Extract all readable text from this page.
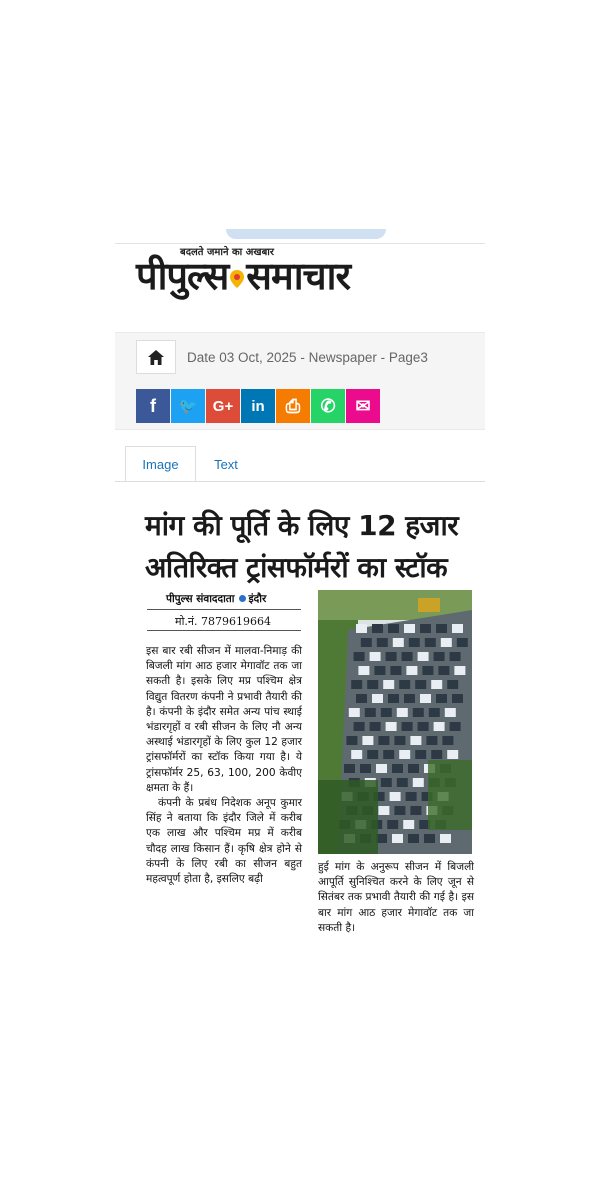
बदलते जमाने का अखबार
पीपुल्स समाचार
Date 03 Oct, 2025 - Newspaper - Page3
f 🐦 G+ in ⎙ ✆ ✉
Image	Text
मांग की पूर्ति के लिए 12 हजार
अतिरिक्त ट्रांसफॉर्मरों का स्टॉक
पीपुल्स संवाददाता इंदौर
मो.नं. 7879619664
इस बार रबी सीजन में मालवा-निमाड़ की बिजली मांग आठ हजार मेगावॉट तक जा सकती है। इसके लिए मप्र पश्चिम क्षेत्र विद्युत वितरण कंपनी ने प्रभावी तैयारी की है। कंपनी के इंदौर समेत अन्य पांच स्थाई भंडारगृहों व रबी सीजन के लिए नौ अन्य अस्थाई भंडारगृहों के लिए कुल 12 हजार ट्रांसफॉर्मरों का स्टॉक किया गया है। ये ट्रांसफॉर्मर 25, 63, 100, 200 केवीए क्षमता के हैं।
कंपनी के प्रबंध निदेशक अनूप कुमार सिंह ने बताया कि इंदौर जिले में करीब एक लाख और पश्चिम मप्र में करीब चौदह लाख किसान हैं। कृषि क्षेत्र होने से कंपनी के लिए रबी का सीजन बहुत महत्वपूर्ण होता है, इसलिए बढ़ी
हुई मांग के अनुरूप सीजन में बिजली आपूर्ति सुनिश्चित करने के लिए जून से सितंबर तक प्रभावी तैयारी की गई है। इस बार मांग आठ हजार मेगावॉट तक जा सकती है।
